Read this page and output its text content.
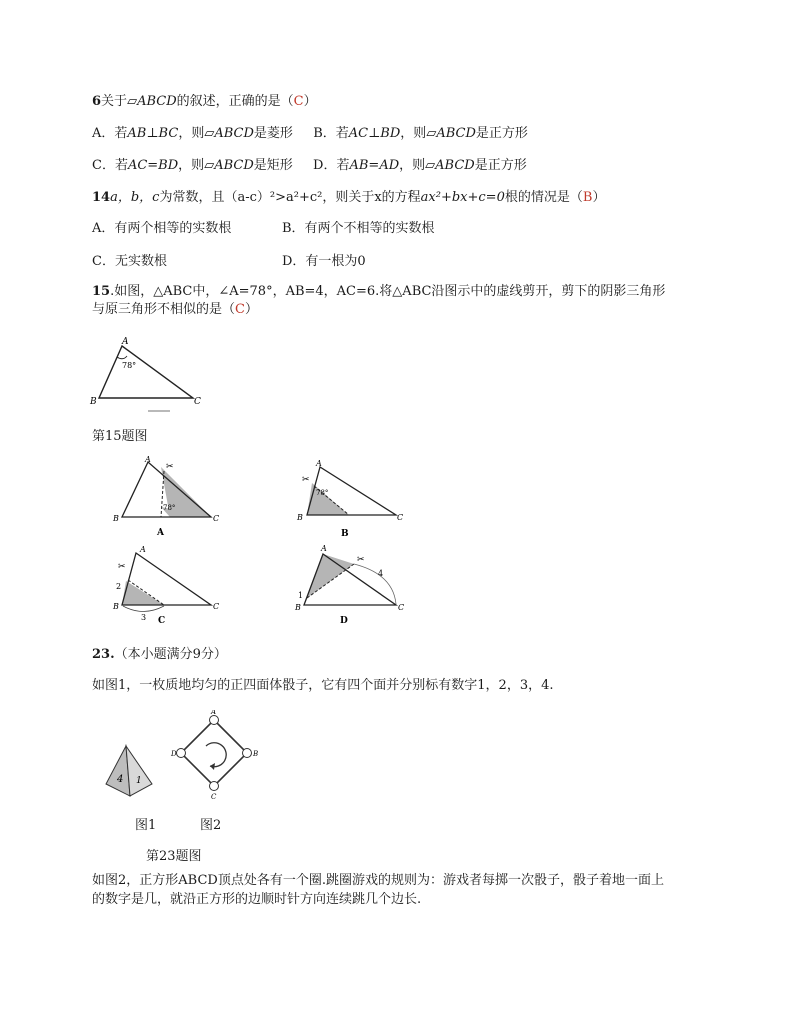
6关于▱ABCD的叙述，正确的是（C）
A．若AB⊥BC，则▱ABCD是菱形 B．若AC⊥BD，则▱ABCD是正方形
C．若AC=BD，则▱ABCD是矩形 D．若AB=AD，则▱ABCD是正方形
14a，b，c为常数，且（a-c）²>a²+c²，则关于x的方程ax²+bx+c=0根的情况是（B）
A．有两个相等的实数根	B．有两个不相等的实数根
C．无实数根	D．有一根为0
15.如图，△ABC中，∠A=78°，AB=4，AC=6.将△ABC沿图示中的虚线剪开，剪下的阴影三角形
与原三角形不相似的是（C）
78°
A
B	C
第15题图
78°
✂
A
B	C
A
78°
✂
A
B	C
B
✂
2
3
A
B	C
C
✂
1
4
A
B	C
D
23.（本小题满分9分）
如图1，一枚质地均匀的正四面体骰子，它有四个面并分别标有数字1，2，3，4.
4 1
A
B
C
D
图1	图2
第23题图
如图2，正方形ABCD顶点处各有一个圈.跳圈游戏的规则为：游戏者每掷一次骰子，骰子着地一面上
的数字是几，就沿正方形的边顺时针方向连续跳几个边长.
